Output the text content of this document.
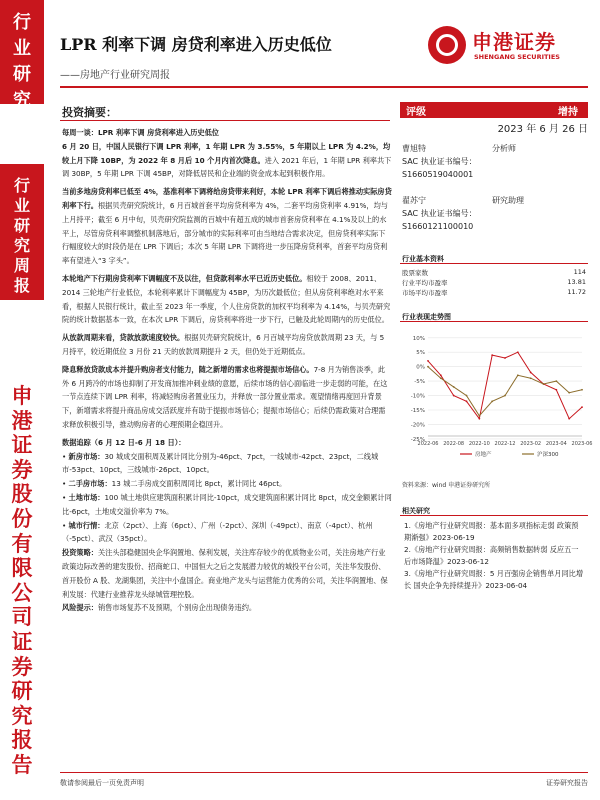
行
业
研
究
行
业
研
究
周
报
申
港
证
券
股
份
有
限
公
司
证
券
研
究
报
告
LPR 利率下调 房贷利率进入历史低位
——房地产行业研究周报
申港证券
SHENGANG SECURITIES
投资摘要：

每周一谈：LPR 利率下调 房贷利率进入历史低位

6 月 20 日，中国人民银行下调 LPR 利率，1 年期 LPR 为 3.55%，5 年期以上 LPR 为 4.2%，均较上月下降 10BP，为 2022 年 8 月后 10 个月内首次降息。进入 2021 年后，1 年期 LPR 利率共下调 30BP，5 年期 LPR 下调 45BP，对降低居民和企业端的资金成本起到积极作用。

当前多地房贷利率已低至 4%，基准利率下调将给房贷带来利好，本轮 LPR 利率下调后将推动实际房贷利率下行。根据贝壳研究院统计，6 月百城首套平均房贷利率为 4%，二套平均房贷利率 4.91%，均与上月持平；截至 6 月中旬，贝壳研究院监测的百城中有超五成的城市首套房贷利率在 4.1%及以上的水平上，尽管房贷利率调整机制落地后，部分城市的实际利率可由当地结合需求决定，但房贷利率实际下行幅度较大的时段仍是在 LPR 下调后；本次 5 年期 LPR 下调将进一步压降房贷利率，首套平均房贷利率有望进入“3 字头”。

本轮地产下行期房贷利率下调幅度不及以往，但贷款利率水平已近历史低位。相较于 2008、2011、2014 三轮地产行业低位，本轮利率累计下调幅度为 45BP，为历次最低位；但从房贷利率绝对水平来看，根据人民银行统计，截止至 2023 年一季度，个人住房贷款的加权平均利率为 4.14%，与贝壳研究院的统计数据基本一致，在本次 LPR 下调后，房贷利率将进一步下行，已触及此轮周期内的历史低位。

从放款周期来看，贷款放款速度较快。根据贝壳研究院统计，6 月百城平均房贷放款周期 23 天，与 5 月持平，较近期低位 3 月份 21 天的放款周期提升 2 天，但仍处于近期低点。

降息释放贷款成本并提升购房者支付能力，随之新增的需求也将提振市场信心。7-8 月为销售淡季，此外 6 月跨冷的市场也抑制了开发商加推冲刺业绩的意愿，后续市场的信心面临进一步走弱的可能，在这一节点连续下调 LPR 利率，将减轻购房者置业压力，并释放一部分置业需求。观望情绪再度回升背景下，新增需求将提升商品房成交活跃度并有助于提振市场信心；提振市场信心；后续仍需政策对合理需求释放积极引导，推动购房者的心理预期企稳回升。

数据追踪（6 月 12 日-6 月 18 日）：

• 新房市场：30 城成交面积周及累计同比分别为-46pct、7pct，一线城市-42pct、23pct，二线城市-53pct、10pct，三线城市-26pct、10pct。

• 二手房市场：13 城二手房成交面积周同比 8pct，累计同比 46pct。

• 土地市场：100 城土地供应建筑面积累计同比-10pct，成交建筑面积累计同比 8pct，成交金额累计同比-6pct，土地成交溢价率为 7%。

• 城市行情：北京（2pct）、上海（6pct）、广州（-2pct）、深圳（-49pct）、南京（-4pct）、杭州（-5pct）、武汉（35pct）。

投资策略：关注头部稳健国央企华润置地、保利发展，关注库存较少的优质物业公司，关注房地产行业政策边际改善的建发股份、招商蛇口、中国恒大之后之发展潜力较优的城投平台公司，关注华发股份、首开股份 A 股、龙湖集团，关注中小盘国企。商业地产龙头与运营能力优秀的公司，关注华润置地、保利发展：代建行业推荐龙头绿城管理控股。

风险提示：销售市场复苏不及预期，个别房企出现债务违约。

评级	增持
2023 年 6 月 26 日
曹旭特	分析师
SAC 执业证书编号：
S1660519040001
翟苏宁	研究助理
SAC 执业证书编号：
S1660121100010
行业基本资料
股票家数	114
行业平均市盈率	13.81
市场平均市盈率	11.72
行业表现走势图
10%
5%
0%
-5%
-10%
-15%
-20%
-25%
2022-06 2022-08 2022-10 2022-12 2023-02 2023-04 2023-06
房地产	沪深300
资料来源：wind 申港证券研究所
相关研究
1.《房地产行业研究周报：基本面多项指标走弱 政策预期渐强》2023-06-19
2.《房地产行业研究周报：高频销售数据转弱 反应五一后市场降温》2023-06-12
3.《房地产行业研究周报：5 月百强房企销售单月同比增长 国央企争先持续提升》2023-06-04
敬请参阅最后一页免责声明	证券研究报告
